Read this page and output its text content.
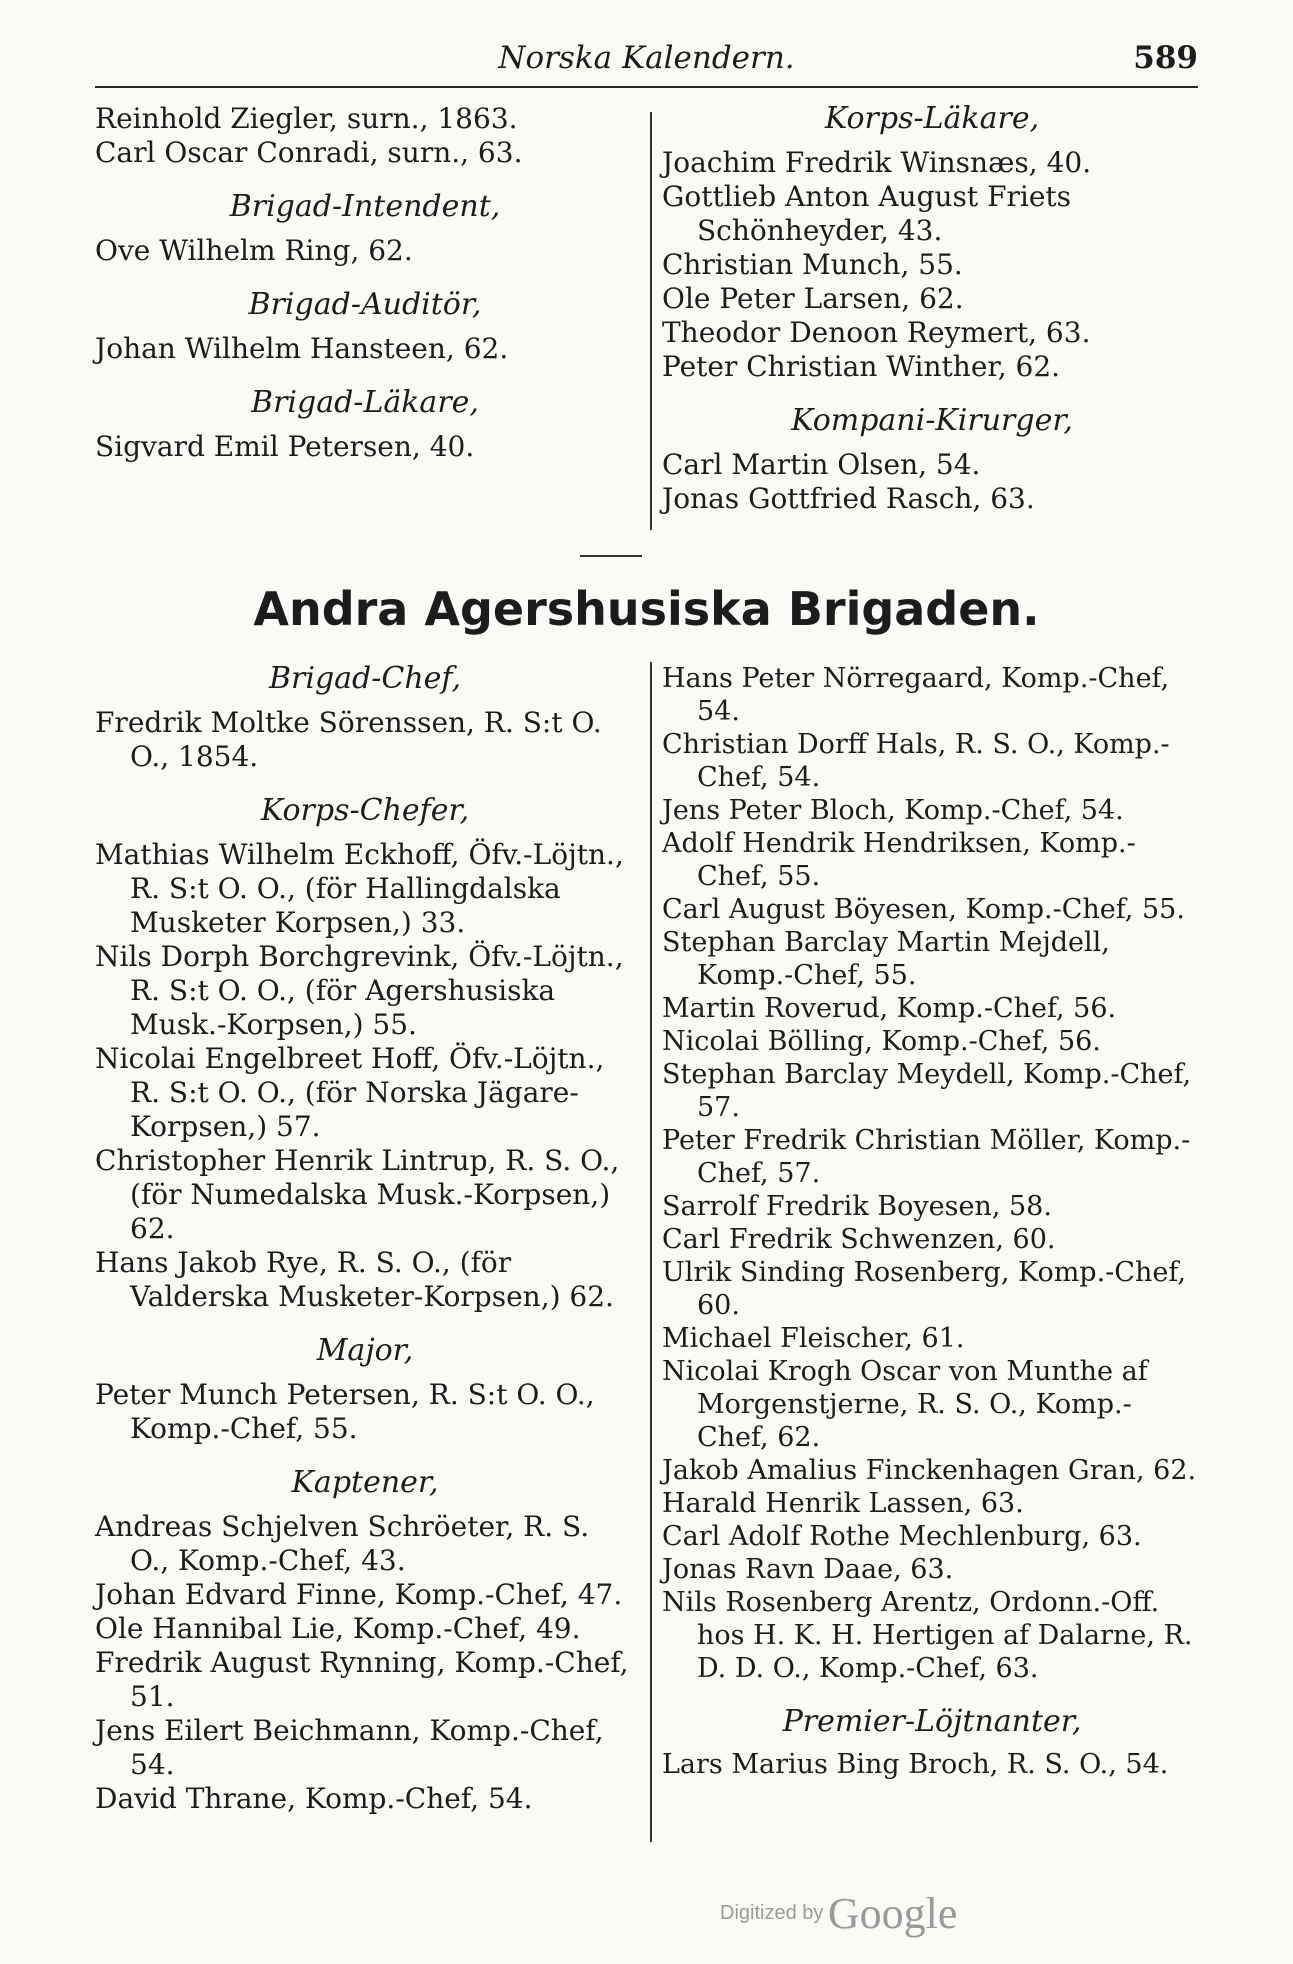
Norska Kalendern.	589
Reinhold Ziegler, surn., 1863.
Carl Oscar Conradi, surn., 63.
Brigad-Intendent,
Ove Wilhelm Ring, 62.
Brigad-Auditör,
Johan Wilhelm Hansteen, 62.
Brigad-Läkare,
Sigvard Emil Petersen, 40.
Korps-Läkare,
Joachim Fredrik Winsnæs, 40.
Gottlieb Anton August Friets Schönheyder, 43.
Christian Munch, 55.
Ole Peter Larsen, 62.
Theodor Denoon Reymert, 63.
Peter Christian Winther, 62.
Kompani-Kirurger,
Carl Martin Olsen, 54.
Jonas Gottfried Rasch, 63.
Andra Agershusiska Brigaden.
Brigad-Chef,
Fredrik Moltke Sörenssen, R. S:t O. O., 1854.
Korps-Chefer,
Mathias Wilhelm Eckhoff, Öfv.-Löjtn., R. S:t O. O., (för Hallingdalska Musketer Korpsen,) 33.
Nils Dorph Borchgrevink, Öfv.-Löjtn., R. S:t O. O., (för Agershusiska Musk.-Korpsen,) 55.
Nicolai Engelbreet Hoff, Öfv.-Löjtn., R. S:t O. O., (för Norska Jägare-Korpsen,) 57.
Christopher Henrik Lintrup, R. S. O., (för Numedalska Musk.-Korpsen,) 62.
Hans Jakob Rye, R. S. O., (för Valderska Musketer-Korpsen,) 62.
Major,
Peter Munch Petersen, R. S:t O. O., Komp.-Chef, 55.
Kaptener,
Andreas Schjelven Schröeter, R. S. O., Komp.-Chef, 43.
Johan Edvard Finne, Komp.-Chef, 47.
Ole Hannibal Lie, Komp.-Chef, 49.
Fredrik August Rynning, Komp.-Chef, 51.
Jens Eilert Beichmann, Komp.-Chef, 54.
David Thrane, Komp.-Chef, 54.
Hans Peter Nörregaard, Komp.-Chef, 54.
Christian Dorff Hals, R. S. O., Komp.-Chef, 54.
Jens Peter Bloch, Komp.-Chef, 54.
Adolf Hendrik Hendriksen, Komp.-Chef, 55.
Carl August Böyesen, Komp.-Chef, 55.
Stephan Barclay Martin Mejdell, Komp.-Chef, 55.
Martin Roverud, Komp.-Chef, 56.
Nicolai Bölling, Komp.-Chef, 56.
Stephan Barclay Meydell, Komp.-Chef, 57.
Peter Fredrik Christian Möller, Komp.-Chef, 57.
Sarrolf Fredrik Boyesen, 58.
Carl Fredrik Schwenzen, 60.
Ulrik Sinding Rosenberg, Komp.-Chef, 60.
Michael Fleischer, 61.
Nicolai Krogh Oscar von Munthe af Morgenstjerne, R. S. O., Komp.-Chef, 62.
Jakob Amalius Finckenhagen Gran, 62.
Harald Henrik Lassen, 63.
Carl Adolf Rothe Mechlenburg, 63.
Jonas Ravn Daae, 63.
Nils Rosenberg Arentz, Ordonn.-Off. hos H. K. H. Hertigen af Dalarne, R. D. D. O., Komp.-Chef, 63.
Premier-Löjtnanter,
Lars Marius Bing Broch, R. S. O., 54.
Digitized by Google
